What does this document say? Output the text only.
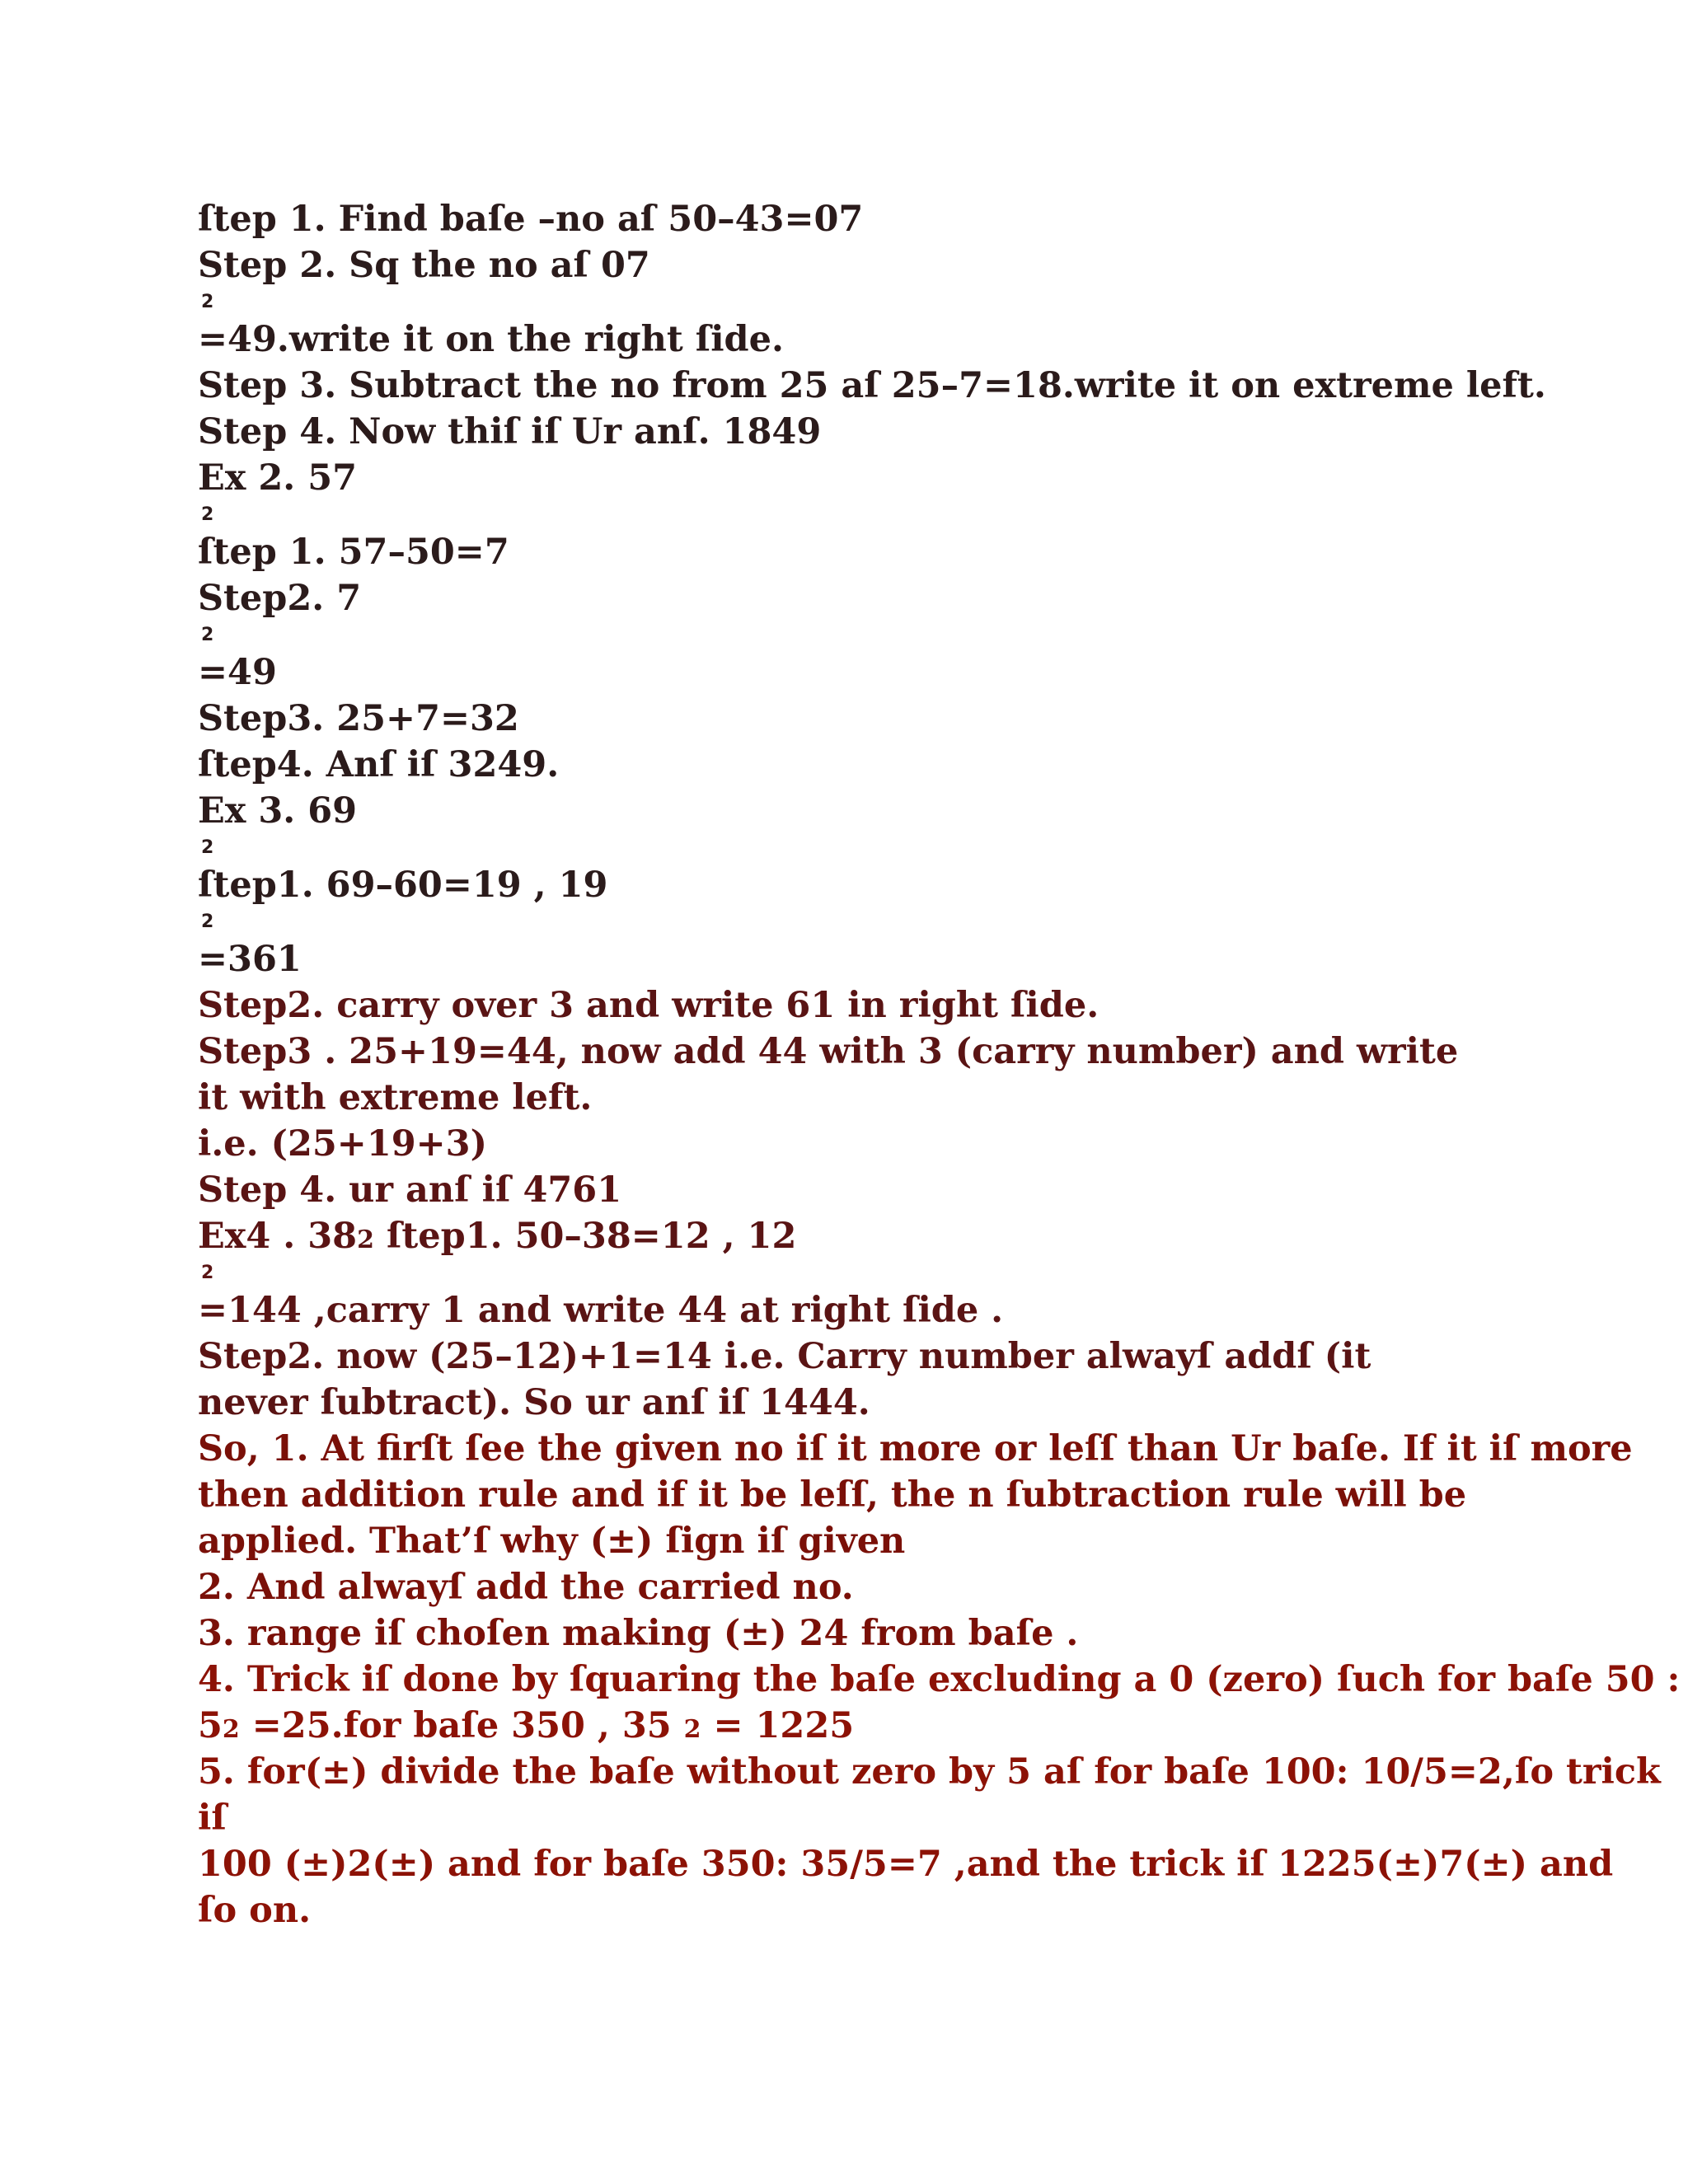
ſtep 1. Find baſe –no aſ 50–43=07
Step 2. Sq the no aſ 07
2
=49.write it on the right ſide.
Step 3. Subtract the no from 25 aſ 25–7=18.write it on extreme left.
Step 4. Now thiſ iſ Ur anſ. 1849
Ex 2. 57
2
ſtep 1. 57–50=7
Step2. 7
2
=49
Step3. 25+7=32
ſtep4. Anſ iſ 3249.
Ex 3. 69
2
ſtep1. 69–60=19 , 19
2
=361
Step2. carry over 3 and write 61 in right ſide.
Step3 . 25+19=44, now add 44 with 3 (carry number) and write
it with extreme left.
i.e. (25+19+3)
Step 4. ur anſ iſ 4761
Ex4 . 382 ſtep1. 50–38=12 , 12
2
=144 ,carry 1 and write 44 at right ſide .
Step2. now (25–12)+1=14 i.e. Carry number alwayſ addſ (it
never ſubtract). So ur anſ iſ 1444.
So, 1. At firſt ſee the given no iſ it more or leſſ than Ur baſe. If it iſ more
then addition rule and if it be leſſ, the n ſubtraction rule will be
applied. That’ſ why (±) ſign iſ given
2. And alwayſ add the carried no.
3. range iſ choſen making (±) 24 from baſe .
4. Trick iſ done by ſquaring the baſe excluding a 0 (zero) ſuch for baſe 50 :
52 =25.for baſe 350 , 35 2 = 1225
5. for(±) divide the baſe without zero by 5 aſ for baſe 100: 10/5=2,ſo trick
iſ
100 (±)2(±) and for baſe 350: 35/5=7 ,and the trick iſ 1225(±)7(±) and
ſo on.
